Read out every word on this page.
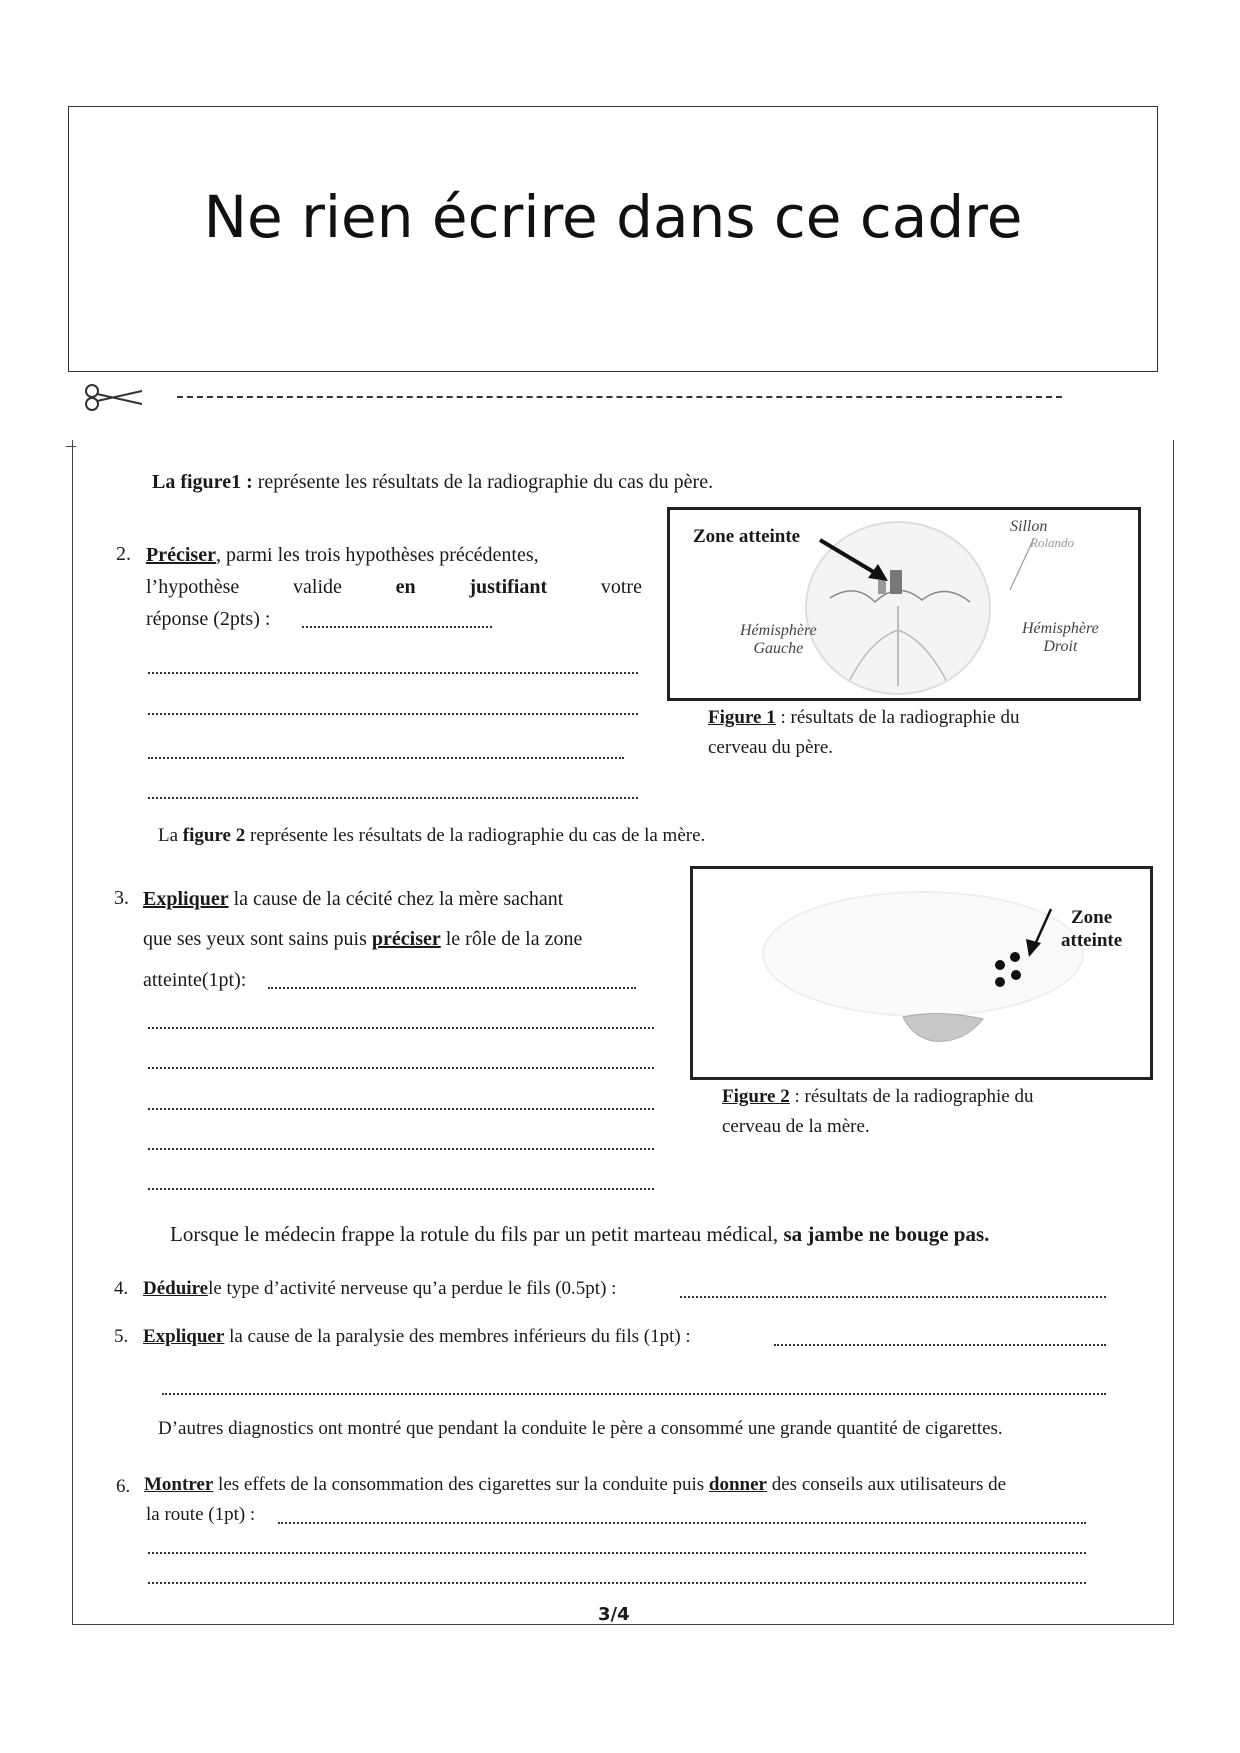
Ne rien écrire dans ce cadre
La figure1 : représente les résultats de la radiographie du cas du père.
2. Préciser, parmi les trois hypothèses précédentes,
l’hypothèse	valide	en	justifiant	votre
réponse (2pts) :
Zone atteinte	Sillon
Rolando
Hémisphère
Gauche
Hémisphère
Droit
Figure 1 : résultats de la radiographie du
cerveau du père.
La figure 2 représente les résultats de la radiographie du cas de la mère.
3. Expliquer la cause de la cécité chez la mère sachant
que ses yeux sont sains puis préciser le rôle de la zone
atteinte(1pt):
Zone
atteinte
Figure 2 : résultats de la radiographie du
cerveau de la mère.
Lorsque le médecin frappe la rotule du fils par un petit marteau médical, sa jambe ne bouge pas.
4. Déduirele type d’activité nerveuse qu’a perdue le fils (0.5pt) :
5. Expliquer la cause de la paralysie des membres inférieurs du fils (1pt) :
D’autres diagnostics ont montré que pendant la conduite le père a consommé une grande quantité de cigarettes.
6. Montrer les effets de la consommation des cigarettes sur la conduite puis donner des conseils aux utilisateurs de
la route (1pt) :
3/4
